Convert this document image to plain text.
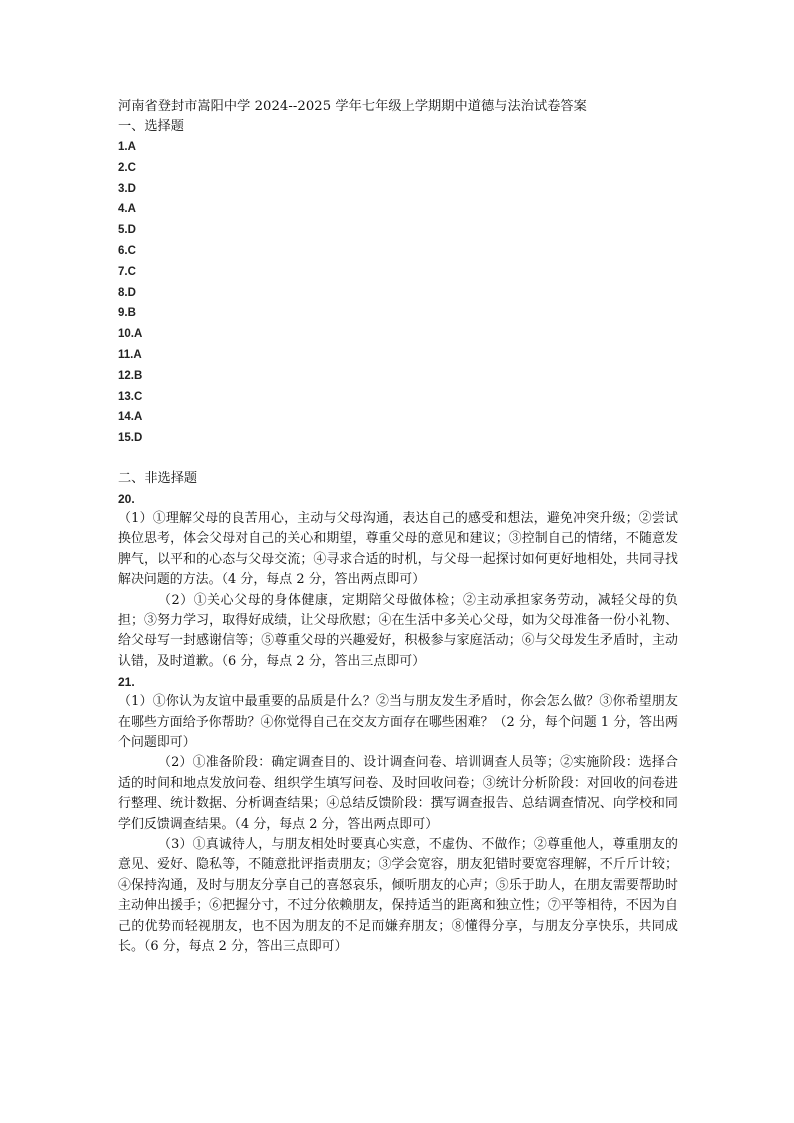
河南省登封市嵩阳中学 2024--2025 学年七年级上学期期中道德与法治试卷答案
一、选择题
1.A
2.C
3.D
4.A
5.D
6.C
7.C
8.D
9.B
10.A
11.A
12.B
13.C
14.A
15.D
二、非选择题
20.

（1）①理解父母的良苦用心，主动与父母沟通，表达自己的感受和想法，避免冲突升级；②尝试换位思考，体会父母对自己的关心和期望，尊重父母的意见和建议；③控制自己的情绪，不随意发脾气，以平和的心态与父母交流；④寻求合适的时机，与父母一起探讨如何更好地相处，共同寻找解决问题的方法。（4 分，每点 2 分，答出两点即可）

（2）①关心父母的身体健康，定期陪父母做体检；②主动承担家务劳动，减轻父母的负担；③努力学习，取得好成绩，让父母欣慰；④在生活中多关心父母，如为父母准备一份小礼物、给父母写一封感谢信等；⑤尊重父母的兴趣爱好，积极参与家庭活动；⑥与父母发生矛盾时，主动认错，及时道歉。（6 分，每点 2 分，答出三点即可）

21.

（1）①你认为友谊中最重要的品质是什么？②当与朋友发生矛盾时，你会怎么做？③你希望朋友在哪些方面给予你帮助？④你觉得自己在交友方面存在哪些困难？（2 分，每个问题 1 分，答出两个问题即可）

（2）①准备阶段：确定调查目的、设计调查问卷、培训调查人员等；②实施阶段：选择合适的时间和地点发放问卷、组织学生填写问卷、及时回收问卷；③统计分析阶段：对回收的问卷进行整理、统计数据、分析调查结果；④总结反馈阶段：撰写调查报告、总结调查情况、向学校和同学们反馈调查结果。（4 分，每点 2 分，答出两点即可）

（3）①真诚待人，与朋友相处时要真心实意，不虚伪、不做作；②尊重他人，尊重朋友的意见、爱好、隐私等，不随意批评指责朋友；③学会宽容，朋友犯错时要宽容理解，不斤斤计较；④保持沟通，及时与朋友分享自己的喜怒哀乐，倾听朋友的心声；⑤乐于助人，在朋友需要帮助时主动伸出援手；⑥把握分寸，不过分依赖朋友，保持适当的距离和独立性；⑦平等相待，不因为自己的优势而轻视朋友，也不因为朋友的不足而嫌弃朋友；⑧懂得分享，与朋友分享快乐，共同成长。（6 分，每点 2 分，答出三点即可）
